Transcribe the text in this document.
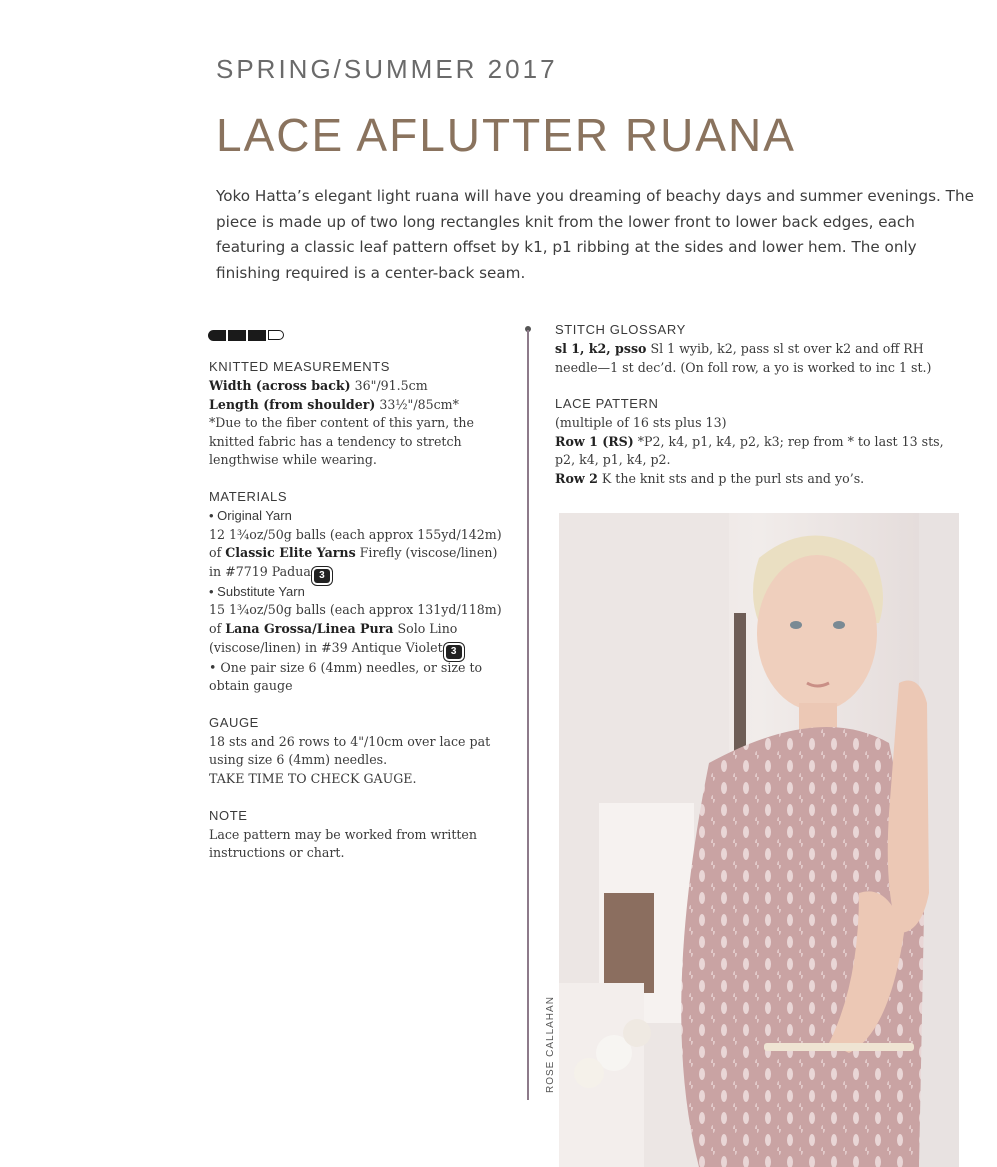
SPRING/SUMMER 2017
LACE AFLUTTER RUANA

Yoko Hatta’s elegant light ruana will have you dreaming of beachy days and summer evenings. The piece is made up of two long rectangles knit from the lower front to lower back edges, each featuring a classic leaf pattern offset by k1, p1 ribbing at the sides and lower hem. The only finishing required is a center-back seam.

KNITTED MEASUREMENTS

Width (across back) 36"/91.5cm

Length (from shoulder) 33½"/85cm*

*Due to the fiber content of this yarn, the knitted fabric has a tendency to stretch lengthwise while wearing.

MATERIALS

• Original Yarn

12 1¾oz/50g balls (each approx 155yd/142m) of Classic Elite Yarns Firefly (viscose/linen) in #7719 Padua 3

• Substitute Yarn

15 1¾oz/50g balls (each approx 131yd/118m) of Lana Grossa/Linea Pura Solo Lino (viscose/linen) in #39 Antique Violet 3

• One pair size 6 (4mm) needles, or size to obtain gauge

GAUGE

18 sts and 26 rows to 4"/10cm over lace pat using size 6 (4mm) needles.

TAKE TIME TO CHECK GAUGE.

NOTE

Lace pattern may be worked from written instructions or chart.

ROSE CALLAHAN
STITCH GLOSSARY

sl 1, k2, psso Sl 1 wyib, k2, pass sl st over k2 and off RH needle—1 st dec’d. (On foll row, a yo is worked to inc 1 st.)

LACE PATTERN

(multiple of 16 sts plus 13)

Row 1 (RS) *P2, k4, p1, k4, p2, k3; rep from * to last 13 sts, p2, k4, p1, k4, p2.

Row 2 K the knit sts and p the purl sts and yo’s.
